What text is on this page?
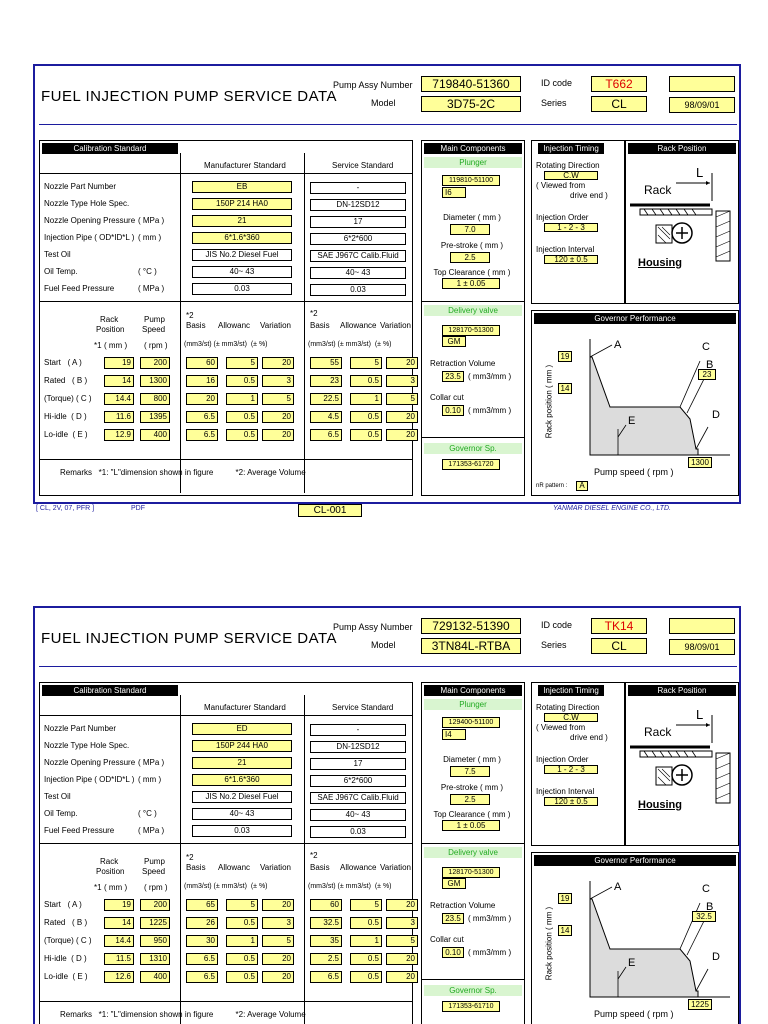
FUEL INJECTION PUMP SERVICE DATA
Pump Assy Number	719840-51360
Model	3D75-2C
ID code	T662
Series	CL	98/09/01
Calibration Standard
Manufacturer Standard	Service Standard
Nozzle Part Number	EB	-
Nozzle Type Hole Spec.	150P 214 HA0	DN-12SD12
Nozzle Opening Pressure ( MPa )	21	17
Injection Pipe ( OD*ID*L ) ( mm )	6*1.6*360	6*2*600
Test Oil	JIS No.2 Diesel Fuel	SAE J967C Calib.Fluid
Oil Temp.	( °C )	40~ 43	40~ 43
Fuel Feed Pressure	( MPa )	0.03	0.03
Rack
Position
Pump
Speed
*1 ( mm ) ( rpm )
*2
Basis Allowanc Variation
(mm3/st) (± mm3/st)  (± %)
*2
Basis Allowance Variation
(mm3/st) (± mm3/st)  (± %)
Start   ( A )	19	200	60	5	20	55	5	20
Rated   ( B )	14	1300	16	0.5	3	23	0.5	3
(Torque) ( C )	14.4	800	20	1	5	22.5	1	5
Hi-idle  ( D )	11.6	1395	6.5	0.5	20	4.5	0.5	20
Lo-idle  ( E )	12.9	400	6.5	0.5	20	6.5	0.5	20
Remarks   *1: "L"dimension shown in figure          *2: Average Volume
Main Components
Plunger
119810-51100
I6
Diameter ( mm )
7.0
Pre-stroke ( mm )
2.5
Top Clearance ( mm )
1 ± 0.05
Delivery valve
128170-51300
GM
Retraction Volume
23.5 ( mm3/mm )
Collar cut
0.10 ( mm3/mm )
Governor Sp.
171353-61720
Injection Timing
Rotating Direction
C.W
( Viewed from
drive end )
Injection Order
1 - 2 - 3
Injection Interval
120 ± 0.5
Rack Position
L
Rack
Housing
Governor Performance
Rack position ( mm )
19
14
23
1300
Pump speed ( rpm )
A	C
B
D
E
nR pattern :	A
[ CL, 2V, 07, PFR ]	PDF	CL-001	YANMAR DIESEL ENGINE CO., LTD.
FUEL INJECTION PUMP SERVICE DATA
Pump Assy Number	729132-51390
Model	3TN84L-RTBA
ID code	TK14
Series	CL	98/09/01
Calibration Standard
Manufacturer Standard	Service Standard
Nozzle Part Number	ED	-
Nozzle Type Hole Spec.	150P 244 HA0	DN-12SD12
Nozzle Opening Pressure ( MPa )	21	17
Injection Pipe ( OD*ID*L ) ( mm )	6*1.6*360	6*2*600
Test Oil	JIS No.2 Diesel Fuel	SAE J967C Calib.Fluid
Oil Temp.	( °C )	40~ 43	40~ 43
Fuel Feed Pressure	( MPa )	0.03	0.03
Rack
Position
Pump
Speed
*1 ( mm ) ( rpm )
*2
Basis Allowanc Variation
(mm3/st) (± mm3/st)  (± %)
*2
Basis Allowance Variation
(mm3/st) (± mm3/st)  (± %)
Start   ( A )	19	200	65	5	20	60	5	20
Rated   ( B )	14	1225	26	0.5	3	32.5	0.5	3
(Torque) ( C )	14.4	950	30	1	5	35	1	5
Hi-idle  ( D )	11.5	1310	6.5	0.5	20	2.5	0.5	20
Lo-idle  ( E )	12.6	400	6.5	0.5	20	6.5	0.5	20
Remarks   *1: "L"dimension shown in figure          *2: Average Volume
Main Components
Plunger
129400-51100
I4
Diameter ( mm )
7.5
Pre-stroke ( mm )
2.5
Top Clearance ( mm )
1 ± 0.05
Delivery valve
128170-51300
GM
Retraction Volume
23.5 ( mm3/mm )
Collar cut
0.10 ( mm3/mm )
Governor Sp.
171353-61710
Injection Timing
Rotating Direction
C.W
( Viewed from
drive end )
Injection Order
1 - 2 - 3
Injection Interval
120 ± 0.5
Rack Position
L
Rack
Housing
Governor Performance
Rack position ( mm )
19
14
32.5
1225
Pump speed ( rpm )
A	C
B
D
E
